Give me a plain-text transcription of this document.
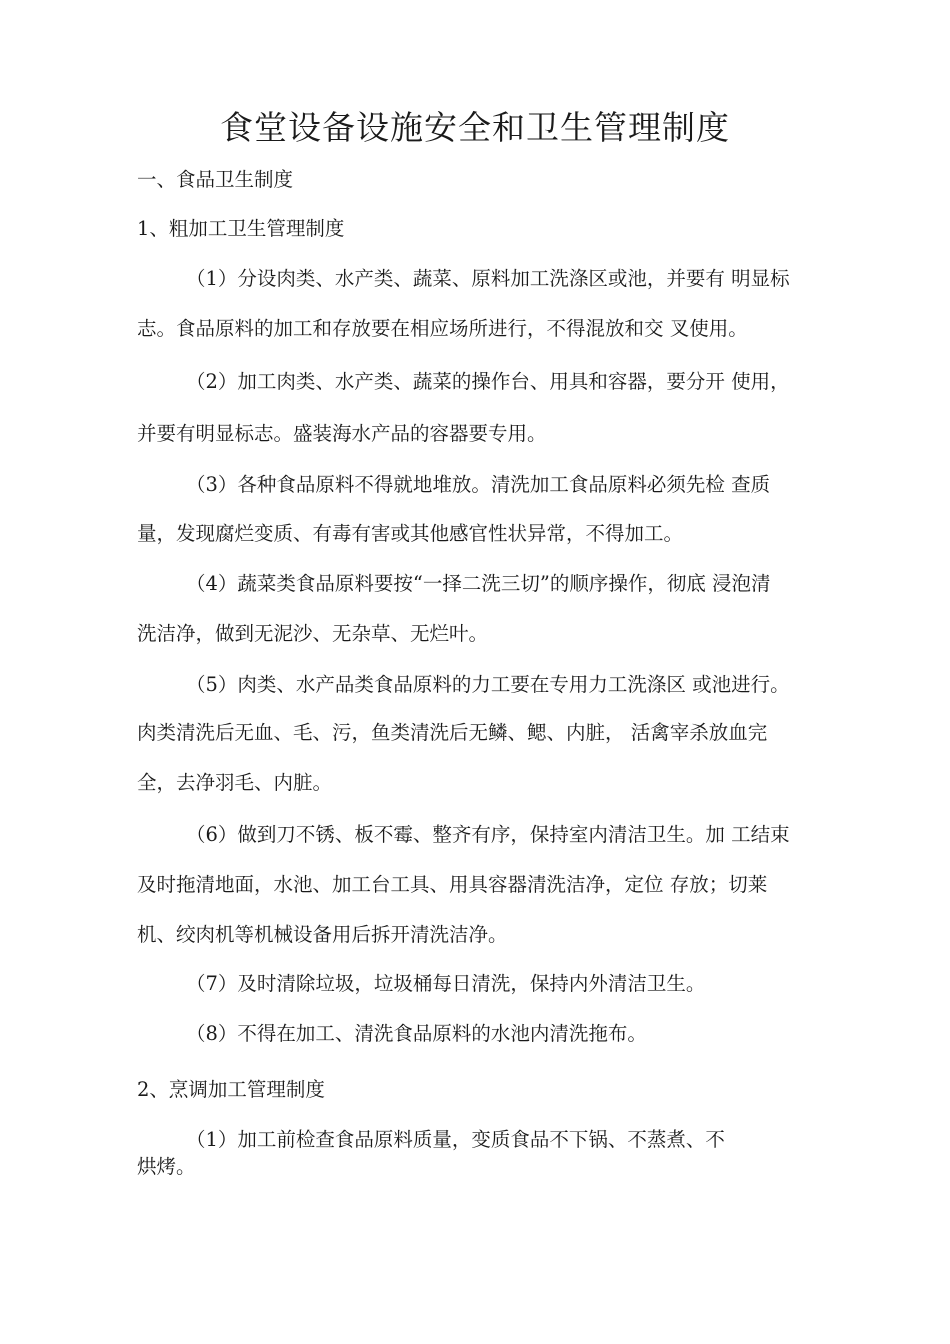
食堂设备设施安全和卫生管理制度
一、食品卫生制度
1、粗加工卫生管理制度
（1）分设肉类、水产类、蔬菜、原料加工洗涤区或池，并要有 明显标
志。食品原料的加工和存放要在相应场所进行，不得混放和交 叉使用。
（2）加工肉类、水产类、蔬菜的操作台、用具和容器，要分开 使用，
并要有明显标志。盛装海水产品的容器要专用。
（3）各种食品原料不得就地堆放。清洗加工食品原料必须先检 查质
量，发现腐烂变质、有毒有害或其他感官性状异常，不得加工。
（4）蔬菜类食品原料要按“一择二洗三切”的顺序操作，彻底 浸泡清
洗洁净，做到无泥沙、无杂草、无烂叶。
（5）肉类、水产品类食品原料的力工要在专用力工洗涤区 或池进行。
肉类清洗后无血、毛、污，鱼类清洗后无鳞、鳃、内脏， 活禽宰杀放血完
全，去净羽毛、内脏。
（6）做到刀不锈、板不霉、整齐有序，保持室内清洁卫生。加 工结束
及时拖清地面，水池、加工台工具、用具容器清洗洁净，定位 存放；切莱
机、绞肉机等机械设备用后拆开清洗洁净。
（7）及时清除垃圾，垃圾桶每日清洗，保持内外清洁卫生。
（8）不得在加工、清洗食品原料的水池内清洗拖布。
2、烹调加工管理制度
（1）加工前检查食品原料质量，变质食品不下锅、不蒸煮、不
烘烤。
